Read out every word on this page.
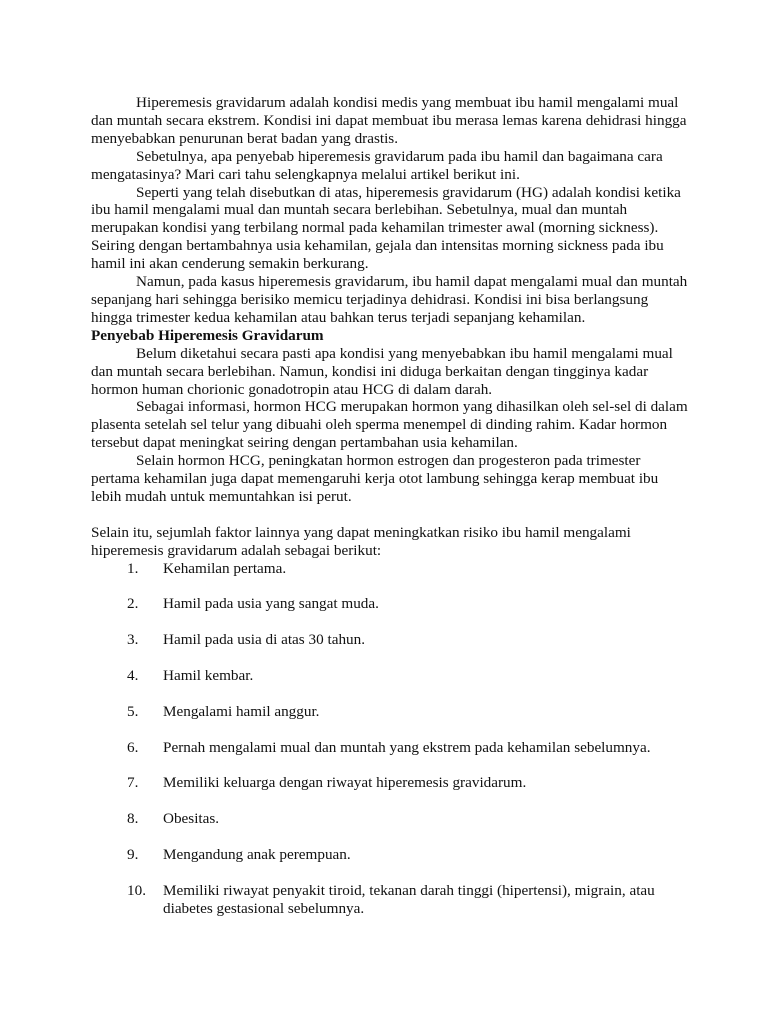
Hiperemesis gravidarum adalah kondisi medis yang membuat ibu hamil mengalami mual dan muntah secara ekstrem. Kondisi ini dapat membuat ibu merasa lemas karena dehidrasi hingga menyebabkan penurunan berat badan yang drastis.

Sebetulnya, apa penyebab hiperemesis gravidarum pada ibu hamil dan bagaimana cara mengatasinya? Mari cari tahu selengkapnya melalui artikel berikut ini.

Seperti yang telah disebutkan di atas, hiperemesis gravidarum (HG) adalah kondisi ketika ibu hamil mengalami mual dan muntah secara berlebihan. Sebetulnya, mual dan muntah merupakan kondisi yang terbilang normal pada kehamilan trimester awal (morning sickness). Seiring dengan bertambahnya usia kehamilan, gejala dan intensitas morning sickness pada ibu hamil ini akan cenderung semakin berkurang.

Namun, pada kasus hiperemesis gravidarum, ibu hamil dapat mengalami mual dan muntah sepanjang hari sehingga berisiko memicu terjadinya dehidrasi. Kondisi ini bisa berlangsung hingga trimester kedua kehamilan atau bahkan terus terjadi sepanjang kehamilan.

Penyebab Hiperemesis Gravidarum

Belum diketahui secara pasti apa kondisi yang menyebabkan ibu hamil mengalami mual dan muntah secara berlebihan. Namun, kondisi ini diduga berkaitan dengan tingginya kadar hormon human chorionic gonadotropin atau HCG di dalam darah.

Sebagai informasi, hormon HCG merupakan hormon yang dihasilkan oleh sel-sel di dalam plasenta setelah sel telur yang dibuahi oleh sperma menempel di dinding rahim. Kadar hormon tersebut dapat meningkat seiring dengan pertambahan usia kehamilan.

Selain hormon HCG, peningkatan hormon estrogen dan progesteron pada trimester pertama kehamilan juga dapat memengaruhi kerja otot lambung sehingga kerap membuat ibu lebih mudah untuk memuntahkan isi perut.

Selain itu, sejumlah faktor lainnya yang dapat meningkatkan risiko ibu hamil mengalami hiperemesis gravidarum adalah sebagai berikut:

1. Kehamilan pertama.
2. Hamil pada usia yang sangat muda.
3. Hamil pada usia di atas 30 tahun.
4. Hamil kembar.
5. Mengalami hamil anggur.
6. Pernah mengalami mual dan muntah yang ekstrem pada kehamilan sebelumnya.
7. Memiliki keluarga dengan riwayat hiperemesis gravidarum.
8. Obesitas.
9. Mengandung anak perempuan.
10. Memiliki riwayat penyakit tiroid, tekanan darah tinggi (hipertensi), migrain, atau diabetes gestasional sebelumnya.
